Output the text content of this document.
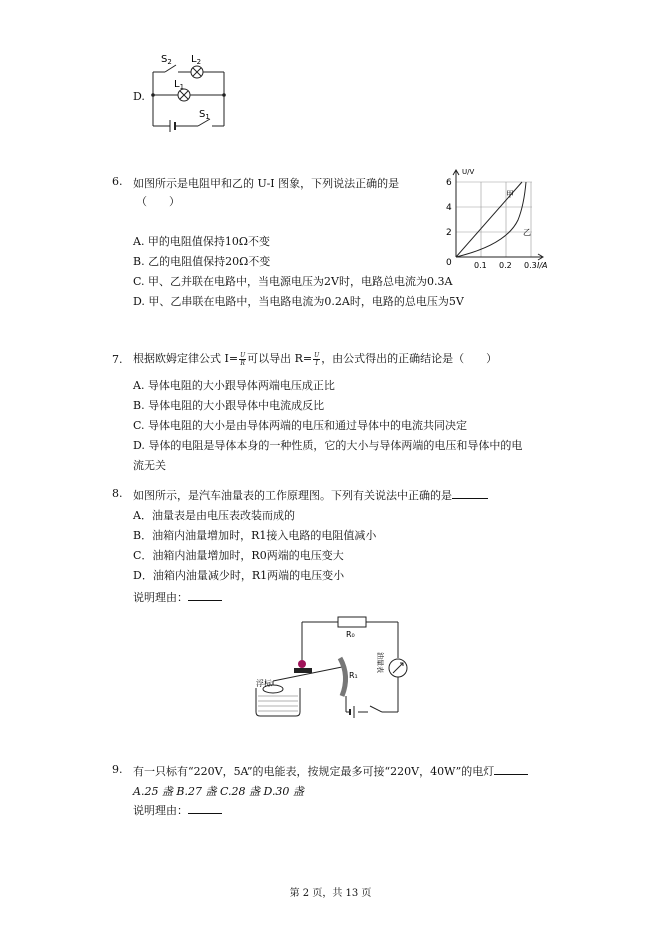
D.
$S_2$ $L_2$
$L_1$
$S_1$
6. 如图所示是电阻甲和乙的 U-I 图象，下列说法正确的是
（　　）
A. 甲的电阻值保持10Ω不变
B. 乙的电阻值保持20Ω不变
C. 甲、乙并联在电路中，当电源电压为2V时，电路总电流为0.3A
D. 甲、乙串联在电路中，当电路电流为0.2A时，电路的总电压为5V
U/V
6
4
2
0	0.1 0.2 0.3 I/A
甲
乙
7. 根据欧姆定律公式 $I= \frac{U}{R}$ 可以导出 $R= \frac{U}{I}$ ，由公式得出的正确结论是（　　）
A. 导体电阻的大小跟导体两端电压成正比
B. 导体电阻的大小跟导体中电流成反比
C. 导体电阻的大小是由导体两端的电压和通过导体中的电流共同决定
D. 导体的电阻是导体本身的一种性质，它的大小与导体两端的电压和导体中的电
流无关
8. 如图所示，是汽车油量表的工作原理图。下列有关说法中正确的是
A．油量表是由电压表改装而成的
B．油箱内油量增加时，R1接入电路的电阻值减小
C．油箱内油量增加时，R0两端的电压变大
D．油箱内油量减少时，R1两端的电压变小
说明理由：
R₀
R₁
浮标
油量表
9. 有一只标有“220V，5A”的电能表，按规定最多可接“220V，40W”的电灯
A.25 盏 B.27 盏 C.28 盏 D.30 盏
说明理由：
第 2 页，共 13 页
